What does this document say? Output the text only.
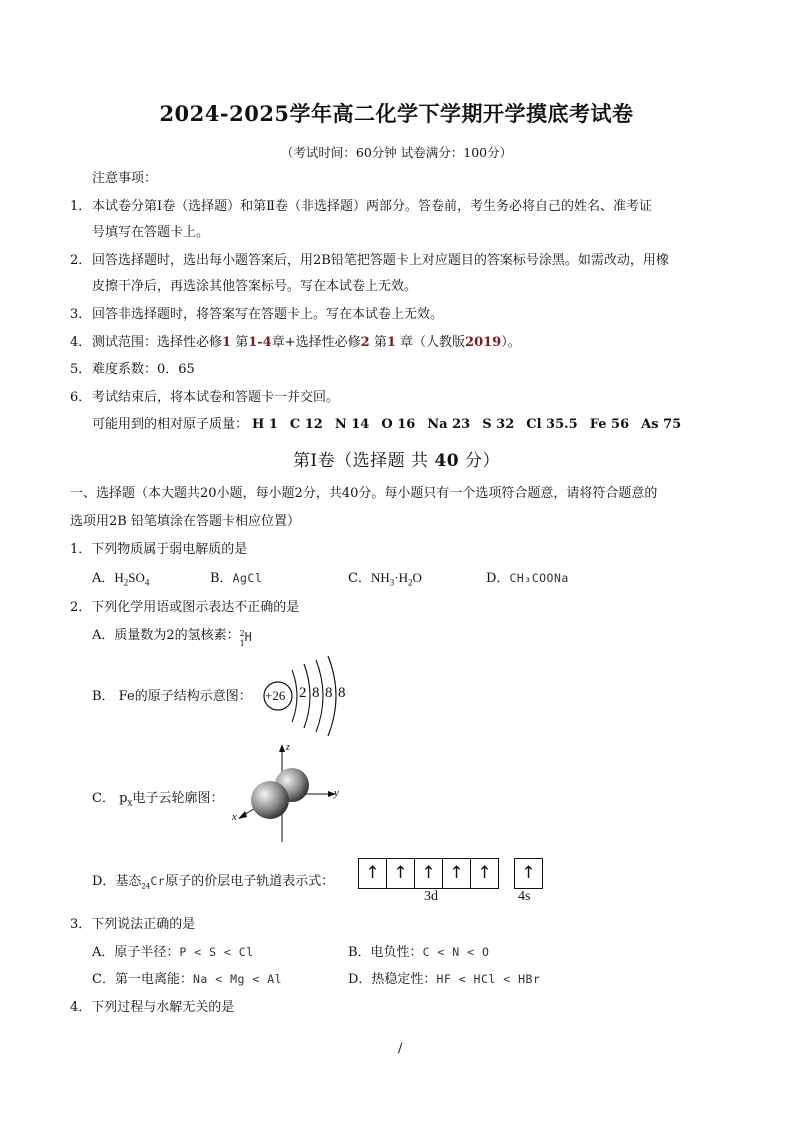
2024-2025学年高二化学下学期开学摸底考试卷
（考试时间：60分钟 试卷满分：100分）
注意事项：
1． 本试卷分第Ⅰ卷（选择题）和第Ⅱ卷（非选择题）两部分。答卷前，考生务必将自己的姓名、准考证
号填写在答题卡上。
2． 回答选择题时，选出每小题答案后，用2B铅笔把答题卡上对应题目的答案标号涂黑。如需改动，用橡
皮擦干净后，再选涂其他答案标号。写在本试卷上无效。
3． 回答非选择题时，将答案写在答题卡上。写在本试卷上无效。
4． 测试范围：选择性必修1 第1-4章+选择性必修2 第1 章（人教版2019）。
5． 难度系数：0．65
6． 考试结束后，将本试卷和答题卡一并交回。
可能用到的相对原子质量： H 1 C 12 N 14 O 16 Na 23 S 32 Cl 35.5 Fe 56 As 75
第Ⅰ卷（选择题 共 40 分）
一、选择题（本大题共20小题，每小题2分，共40分。每小题只有一个选项符合题意，请将符合题意的
选项用2B 铅笔填涂在答题卡相应位置）
1．下列物质属于弱电解质的是
A．$H_2SO_4$	B．AgCl	C．$NH_3\cdot H_2O$	D．CH₃COONa
2．下列化学用语或图示表达不正确的是
A．质量数为2的氢核素： 2
1 H
B． Fe的原子结构示意图： +26 2 8 8 8
C． $p_x$电子云轮廓图：
z
y
x
D．基态$_{24}$Cr原子的价层电子轨道表示式： ↑	↑	↑	↑	↑ ↑
3d	4s
3．下列说法正确的是
A．原子半径：P < S < Cl	B．电负性：C < N < O
C．第一电离能：Na < Mg < Al	D．热稳定性：HF < HCl < HBr
4．下列过程与水解无关的是
/
